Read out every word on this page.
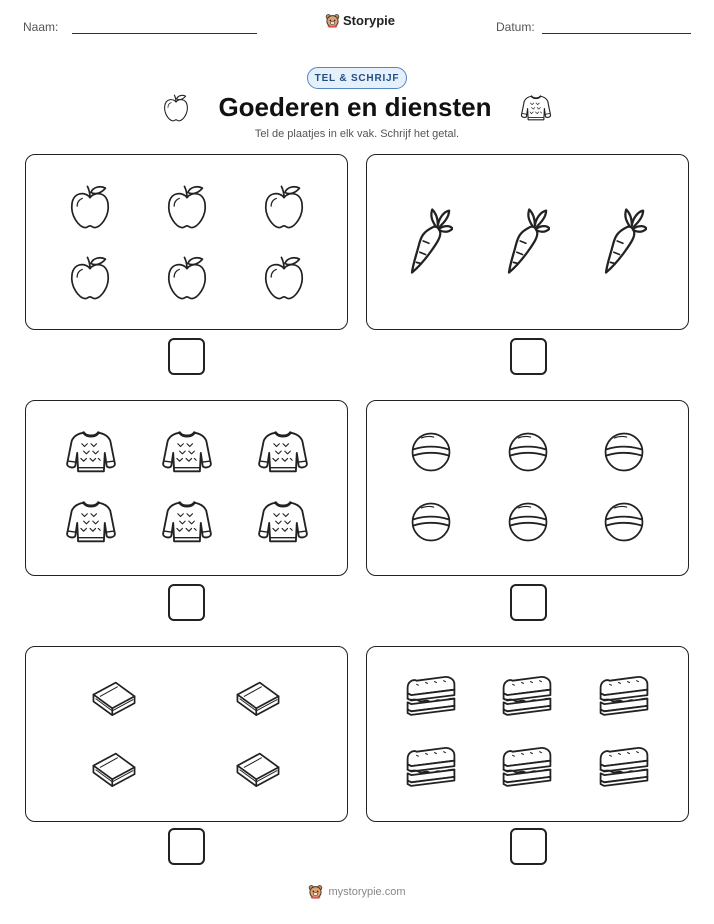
Naam:	Storypie	Datum:
TEL & SCHRIJF
Goederen en diensten
Tel de plaatjes in elk vak. Schrijf het getal.
mystorypie.com
